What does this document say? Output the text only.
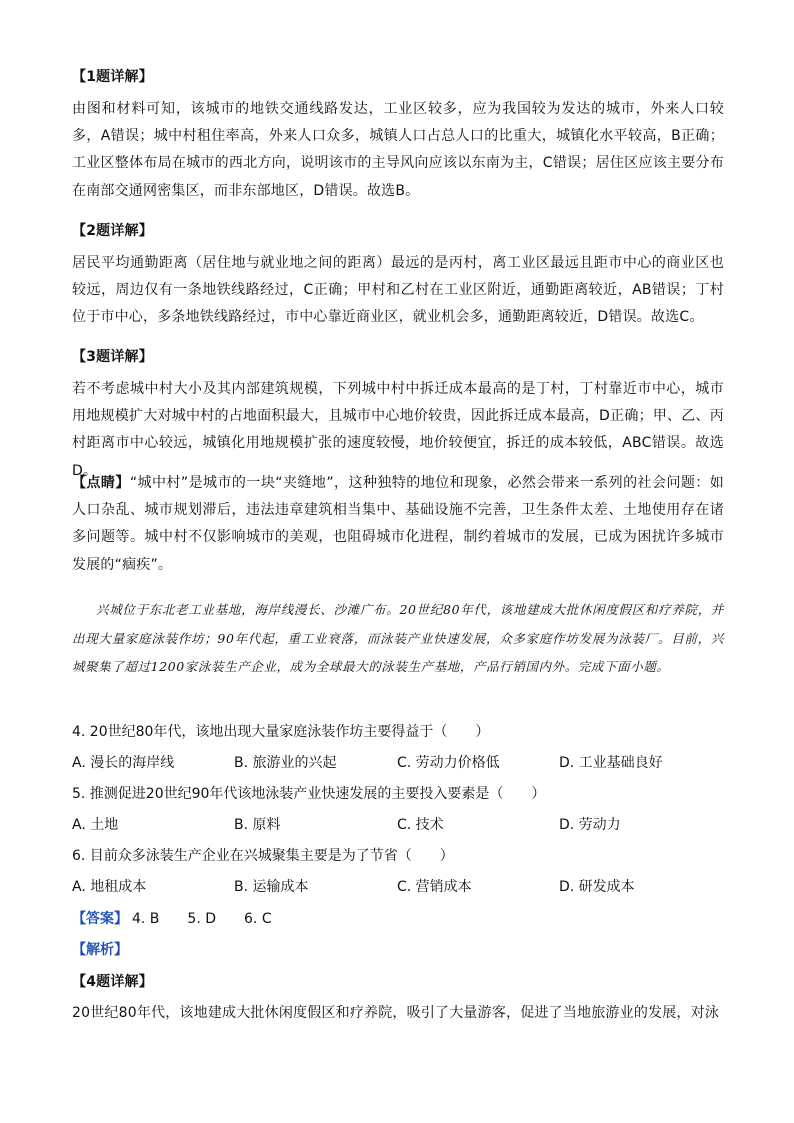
【1题详解】

由图和材料可知，该城市的地铁交通线路发达，工业区较多，应为我国较为发达的城市，外来人口较多，A错误；城中村租住率高，外来人口众多，城镇人口占总人口的比重大，城镇化水平较高，B正确；工业区整体布局在城市的西北方向，说明该市的主导风向应该以东南为主，C错误；居住区应该主要分布在南部交通网密集区，而非东部地区，D错误。故选B。

【2题详解】

居民平均通勤距离（居住地与就业地之间的距离）最远的是丙村，离工业区最远且距市中心的商业区也较远，周边仅有一条地铁线路经过，C正确；甲村和乙村在工业区附近，通勤距离较近，AB错误；丁村位于市中心，多条地铁线路经过，市中心靠近商业区，就业机会多，通勤距离较近，D错误。故选C。

【3题详解】

若不考虑城中村大小及其内部建筑规模，下列城中村中拆迁成本最高的是丁村，丁村靠近市中心，城市用地规模扩大对城中村的占地面积最大，且城市中心地价较贵，因此拆迁成本最高，D正确；甲、乙、丙村距离市中心较远，城镇化用地规模扩张的速度较慢，地价较便宜，拆迁的成本较低，ABC错误。故选D。

【点睛】“城中村”是城市的一块“夹缝地”，这种独特的地位和现象，必然会带来一系列的社会问题：如人口杂乱、城市规划滞后，违法违章建筑相当集中、基础设施不完善，卫生条件太差、土地使用存在诸多问题等。城中村不仅影响城市的美观，也阻碍城市化进程，制约着城市的发展，已成为困扰许多城市发展的“痼疾”。

兴城位于东北老工业基地，海岸线漫长、沙滩广布。20世纪80年代，该地建成大批休闲度假区和疗养院，并出现大量家庭泳装作坊；90年代起，重工业衰落，而泳装产业快速发展，众多家庭作坊发展为泳装厂。目前，兴城聚集了超过1200家泳装生产企业，成为全球最大的泳装生产基地，产品行销国内外。完成下面小题。

4. 20世纪80年代，该地出现大量家庭泳装作坊主要得益于（　　）
A. 漫长的海岸线	B. 旅游业的兴起	C. 劳动力价格低	D. 工业基础良好
5. 推测促进20世纪90年代该地泳装产业快速发展的主要投入要素是（　　）
A. 土地	B. 原料	C. 技术	D. 劳动力
6. 目前众多泳装生产企业在兴城聚集主要是为了节省（　　）
A. 地租成本	B. 运输成本	C. 营销成本	D. 研发成本
【答案】 4. B 5. D 6. C
【解析】
【4题详解】

20世纪80年代，该地建成大批休闲度假区和疗养院，吸引了大量游客，促进了当地旅游业的发展，对泳
